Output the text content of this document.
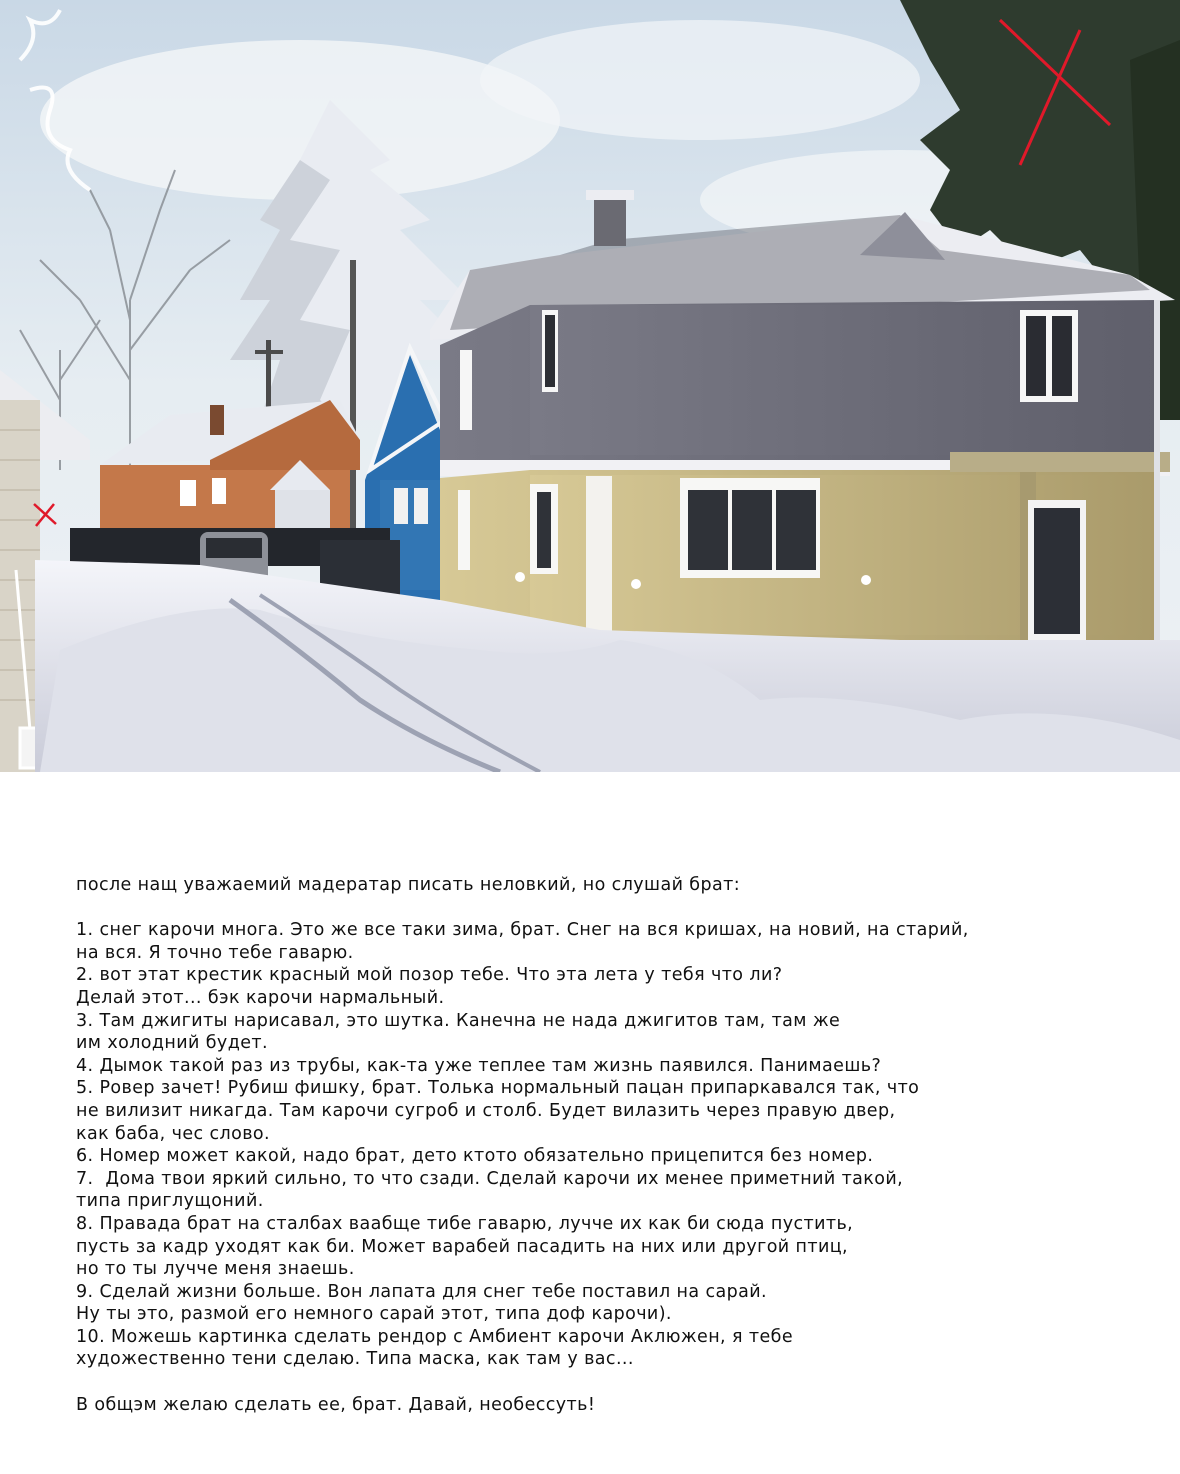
после нащ уважаемий мадератар писать неловкий, но слушай брат:
1. снег карочи многа. Это же все таки зима, брат. Снег на вся кришах, на новий, на старий,
на вся. Я точно тебе гаварю.
2. вот этат крестик красный мой позор тебе. Что эта лета у тебя что ли?
Делай этот... бэк карочи нармальный.
3. Там джигиты нарисавал, это шутка. Канечна не нада джигитов там, там же
им холодний будет.
4. Дымок такой раз из трубы, как-та уже теплее там жизнь паявился. Панимаешь?
5. Ровер зачет! Рубиш фишку, брат. Толька нормальный пацан припаркавался так, что
не вилизит никагда. Там карочи сугроб и столб. Будет вилазить через правую двер,
как баба, чес слово.
6. Номер может какой, надо брат, дето ктото обязательно прицепится без номер.
7.  Дома твои яркий сильно, то что сзади. Сделай карочи их менее приметний такой,
типа приглущоний.
8. Правада брат на сталбах ваабще тибе гаварю, лучче их как би сюда пустить,
пусть за кадр уходят как би. Может варабей пасадить на них или другой птиц,
но то ты лучче меня знаешь.
9. Сделай жизни больше. Вон лапата для снег тебе поставил на сарай.
Ну ты это, размой его немного сарай этот, типа доф карочи).
10. Можешь картинка сделать рендор с Амбиент карочи Аклюжен, я тебе
художественно тени сделаю. Типа маска, как там у вас...
В общэм желаю сделать ее, брат. Давай, необессуть!
